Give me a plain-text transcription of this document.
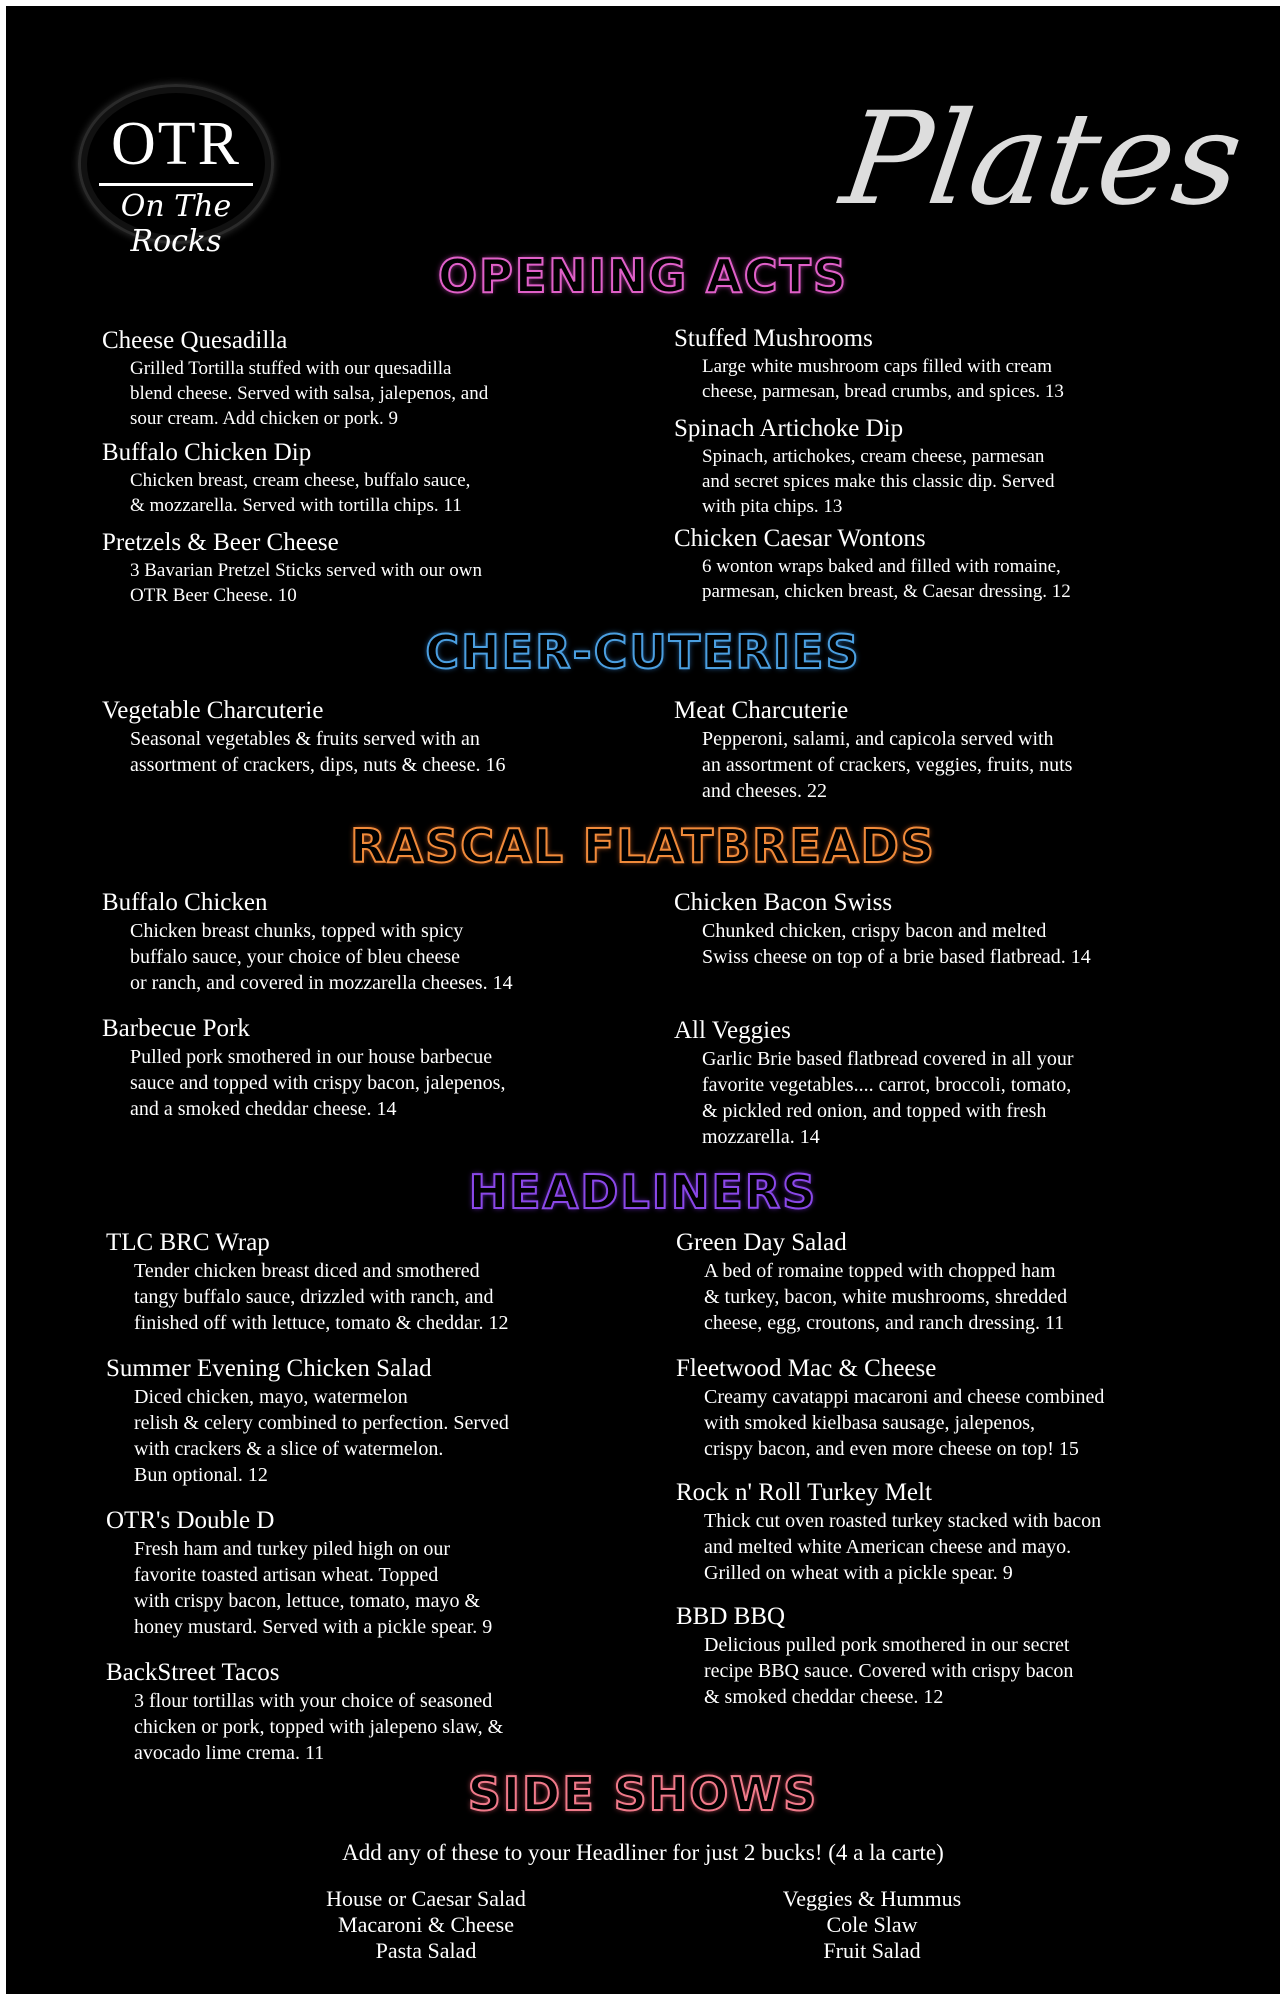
OTR
On The Rocks
Plates
OPENING ACTS
Cheese Quesadilla
Grilled Tortilla stuffed with our quesadilla
blend cheese. Served with salsa, jalepenos, and
sour cream. Add chicken or pork. 9
Buffalo Chicken Dip
Chicken breast, cream cheese, buffalo sauce,
& mozzarella. Served with tortilla chips. 11
Pretzels & Beer Cheese
3 Bavarian Pretzel Sticks served with our own
OTR Beer Cheese. 10
Stuffed Mushrooms
Large white mushroom caps filled with cream
cheese, parmesan, bread crumbs, and spices. 13
Spinach Artichoke Dip
Spinach, artichokes, cream cheese, parmesan
and secret spices make this classic dip. Served
with pita chips. 13
Chicken Caesar Wontons
6 wonton wraps baked and filled with romaine,
parmesan, chicken breast, & Caesar dressing. 12
CHER-CUTERIES
Vegetable Charcuterie
Seasonal vegetables & fruits served with an
assortment of crackers, dips, nuts & cheese. 16
Meat Charcuterie
Pepperoni, salami, and capicola served with
an assortment of crackers, veggies, fruits, nuts
and cheeses. 22
RASCAL FLATBREADS
Buffalo Chicken
Chicken breast chunks, topped with spicy
buffalo sauce, your choice of bleu cheese
or ranch, and covered in mozzarella cheeses. 14
Barbecue Pork
Pulled pork smothered in our house barbecue
sauce and topped with crispy bacon, jalepenos,
and a smoked cheddar cheese. 14
Chicken Bacon Swiss
Chunked chicken, crispy bacon and melted
Swiss cheese on top of a brie based flatbread. 14
All Veggies
Garlic Brie based flatbread covered in all your
favorite vegetables.... carrot, broccoli, tomato,
& pickled red onion, and topped with fresh
mozzarella. 14
HEADLINERS
TLC BRC Wrap
Tender chicken breast diced and smothered
tangy buffalo sauce, drizzled with ranch, and
finished off with lettuce, tomato & cheddar. 12
Summer Evening Chicken Salad
Diced chicken, mayo, watermelon
relish & celery combined to perfection. Served
with crackers & a slice of watermelon.
Bun optional. 12
OTR's Double D
Fresh ham and turkey piled high on our
favorite toasted artisan wheat. Topped
with crispy bacon, lettuce, tomato, mayo &
honey mustard. Served with a pickle spear. 9
BackStreet Tacos
3 flour tortillas with your choice of seasoned
chicken or pork, topped with jalepeno slaw, &
avocado lime crema. 11
Green Day Salad
A bed of romaine topped with chopped ham
& turkey, bacon, white mushrooms, shredded
cheese, egg, croutons, and ranch dressing. 11
Fleetwood Mac & Cheese
Creamy cavatappi macaroni and cheese combined
with smoked kielbasa sausage, jalepenos,
crispy bacon, and even more cheese on top! 15
Rock n' Roll Turkey Melt
Thick cut oven roasted turkey stacked with bacon
and melted white American cheese and mayo.
Grilled on wheat with a pickle spear. 9
BBD BBQ
Delicious pulled pork smothered in our secret
recipe BBQ sauce. Covered with crispy bacon
& smoked cheddar cheese. 12
SIDE SHOWS
Add any of these to your Headliner for just 2 bucks! (4 a la carte)
House or Caesar Salad
Macaroni & Cheese
Pasta Salad
Veggies & Hummus
Cole Slaw
Fruit Salad
